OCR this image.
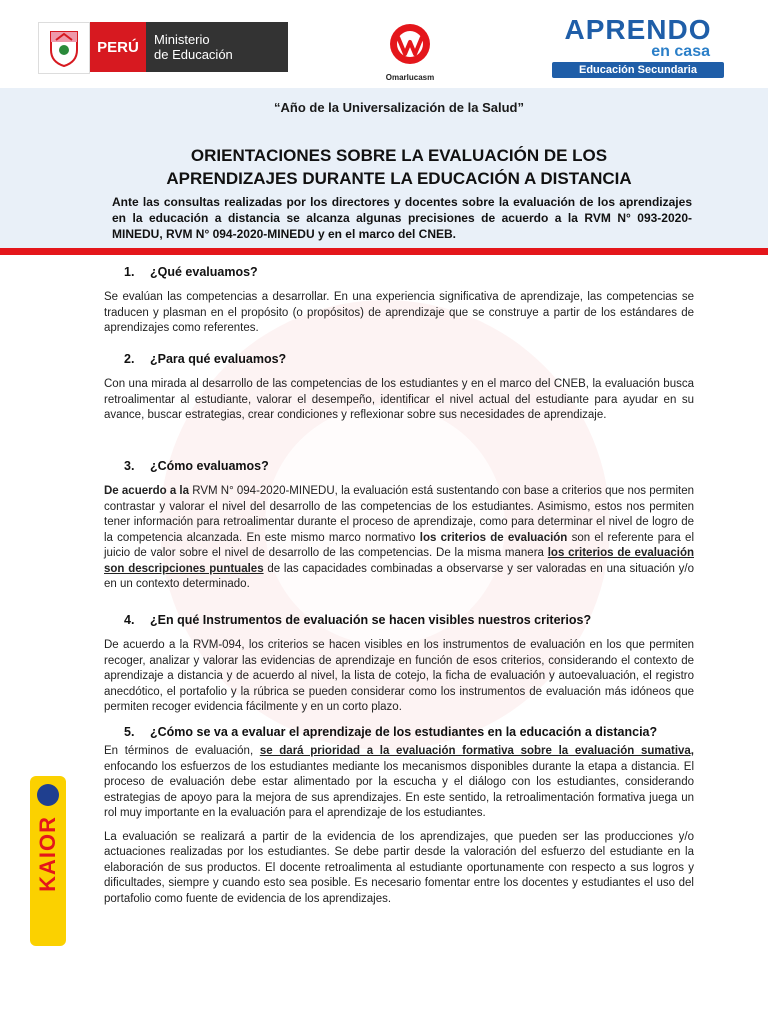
PERÚ	Ministerio
de Educación
Omarlucasm
APRENDO
en casa
Educación Secundaria
“Año de la Universalización de la Salud”
ORIENTACIONES SOBRE LA EVALUACIÓN DE LOS
APRENDIZAJES DURANTE LA EDUCACIÓN A DISTANCIA
Ante las consultas realizadas por los directores y docentes sobre la evaluación de los aprendizajes en la educación a distancia se alcanza algunas precisiones de acuerdo a la RVM N° 093-2020- MINEDU, RVM N° 094-2020-MINEDU y en el marco del CNEB.
1.	¿Qué evaluamos?

Se evalúan las competencias a desarrollar. En una experiencia significativa de aprendizaje, las competencias se traducen y plasman en el propósito (o propósitos) de aprendizaje que se construye a partir de los estándares de aprendizajes como referentes.

2.	¿Para qué evaluamos?

Con una mirada al desarrollo de las competencias de los estudiantes y en el marco del CNEB, la evaluación busca retroalimentar al estudiante, valorar el desempeño, identificar el nivel actual del estudiante para ayudar en su avance, buscar estrategias, crear condiciones y reflexionar sobre sus necesidades de aprendizaje.

3.	¿Cómo evaluamos?

De acuerdo a la RVM N° 094-2020-MINEDU, la evaluación está sustentando con base a criterios que nos permiten contrastar y valorar el nivel del desarrollo de las competencias de los estudiantes. Asimismo, estos nos permiten tener información para retroalimentar durante el proceso de aprendizaje, como para determinar el nivel de logro de la competencia alcanzada. En este mismo marco normativo los criterios de evaluación son el referente para el juicio de valor sobre el nivel de desarrollo de las competencias. De la misma manera los criterios de evaluación son descripciones puntuales de las capacidades combinadas a observarse y ser valoradas en una situación y/o en un contexto determinado.

4.	¿En qué Instrumentos de evaluación se hacen visibles nuestros criterios?

De acuerdo a la RVM-094, los criterios se hacen visibles en los instrumentos de evaluación en los que permiten recoger, analizar y valorar las evidencias de aprendizaje en función de esos criterios, considerando el contexto de aprendizaje a distancia y de acuerdo al nivel, la lista de cotejo, la ficha de evaluación y autoevaluación, el registro anecdótico, el portafolio y la rúbrica se pueden considerar como los instrumentos de evaluación más idóneos que permiten recoger evidencia fácilmente y en un corto plazo.

5.	¿Cómo se va a evaluar el aprendizaje de los estudiantes en la educación a distancia?

En términos de evaluación, se dará prioridad a la evaluación formativa sobre la evaluación sumativa, enfocando los esfuerzos de los estudiantes mediante los mecanismos disponibles durante la etapa a distancia. El proceso de evaluación debe estar alimentado por la escucha y el diálogo con los estudiantes, considerando estrategias de apoyo para la mejora de sus aprendizajes. En este sentido, la retroalimentación formativa juega un rol muy importante en la evaluación para el aprendizaje de los estudiantes.

La evaluación se realizará a partir de la evidencia de los aprendizajes, que pueden ser las producciones y/o actuaciones realizadas por los estudiantes. Se debe partir desde la valoración del esfuerzo del estudiante en la elaboración de sus productos. El docente retroalimenta al estudiante oportunamente con respecto a sus logros y dificultades, siempre y cuando esto sea posible. Es necesario fomentar entre los docentes y estudiantes el uso del portafolio como fuente de evidencia de los aprendizajes.

KAIOR
